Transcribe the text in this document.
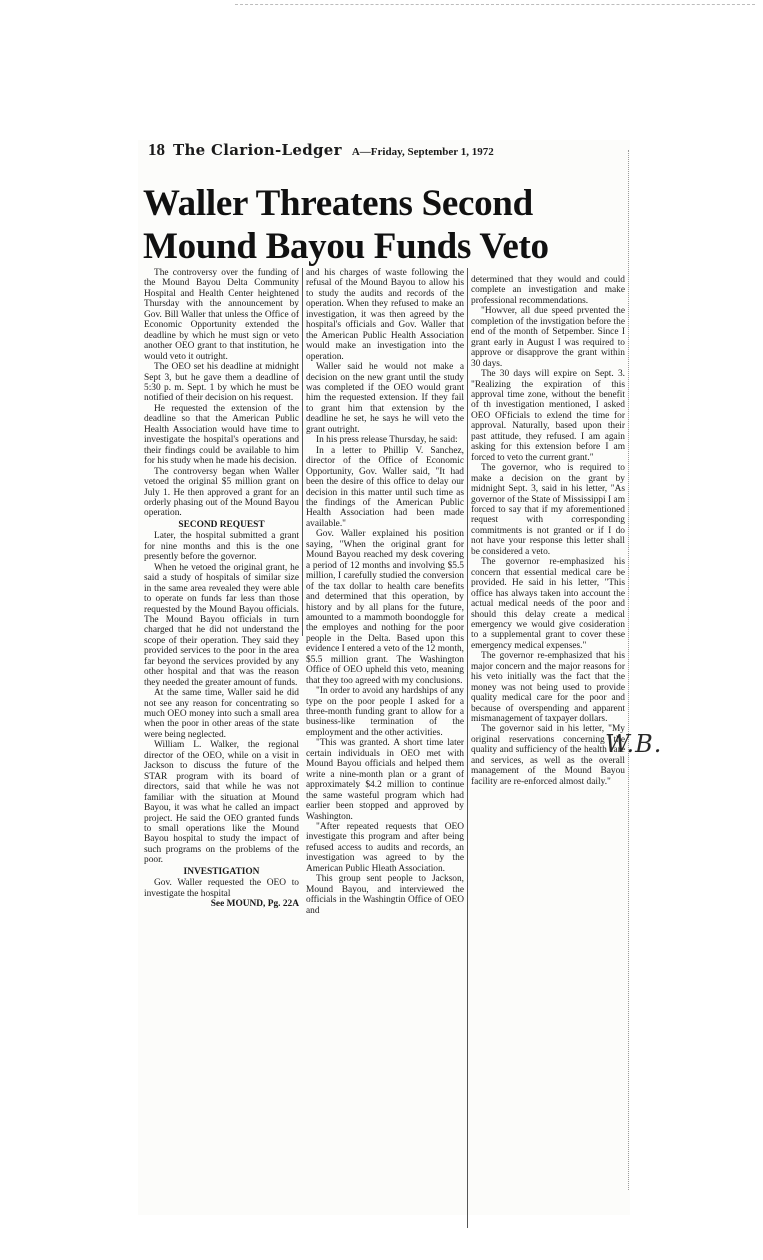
18 The Clarion-Ledger A—Friday, September 1, 1972
Waller Threatens Second Mound Bayou Funds Veto

The controversy over the funding of the Mound Bayou Delta Community Hospital and Health Center heightened Thursday with the announcement by Gov. Bill Waller that unless the Office of Economic Opportunity extended the deadline by which he must sign or veto another OEO grant to that institution, he would veto it outright.

The OEO set his deadline at midnight Sept 3, but he gave them a deadline of 5:30 p. m. Sept. 1 by which he must be notified of their decision on his request.

He requested the extension of the deadline so that the American Public Health Association would have time to investigate the hospital's operations and their findings could be available to him for his study when he made his decision.

The controversy began when Waller vetoed the original $5 million grant on July 1. He then approved a grant for an orderly phasing out of the Mound Bayou operation.

SECOND REQUEST

Later, the hospital submitted a grant for nine months and this is the one presently before the governor.

When he vetoed the original grant, he said a study of hospitals of similar size in the same area revealed they were able to operate on funds far less than those requested by the Mound Bayou officials. The Mound Bayou officials in turn charged that he did not understand the scope of their operation. They said they provided services to the poor in the area far beyond the services provided by any other hospital and that was the reason they needed the greater amount of funds.

At the same time, Waller said he did not see any reason for concentrating so much OEO money into such a small area when the poor in other areas of the state were being neglected.

William L. Walker, the regional director of the OEO, while on a visit in Jackson to discuss the future of the STAR program with its board of directors, said that while he was not familiar with the situation at Mound Bayou, it was what he called an impact project. He said the OEO granted funds to small operations like the Mound Bayou hospital to study the impact of such programs on the problems of the poor.

INVESTIGATION

Gov. Waller requested the OEO to investigate the hospital

See MOUND, Pg. 22A

and his charges of waste following the refusal of the Mound Bayou to allow his to study the audits and records of the operation. When they refused to make an investigation, it was then agreed by the hospital's officials and Gov. Waller that the American Public Health Association would make an investigation into the operation.

Waller said he would not make a decision on the new grant until the study was completed if the OEO would grant him the requested extension. If they fail to grant him that extension by the deadline he set, he says he will veto the grant outright.

In his press release Thursday, he said:

In a letter to Phillip V. Sanchez, director of the Office of Economic Opportunity, Gov. Waller said, "It had been the desire of this office to delay our decision in this matter until such time as the findings of the American Public Health Association had been made available."

Gov. Waller explained his position saying, "When the original grant for Mound Bayou reached my desk covering a period of 12 months and involving $5.5 million, I carefully studied the conversion of the tax dollar to health care benefits and determined that this operation, by history and by all plans for the future, amounted to a mammoth boondoggle for the employes and nothing for the poor people in the Delta. Based upon this evidence I entered a veto of the 12 month, $5.5 million grant. The Washington Office of OEO upheld this veto, meaning that they too agreed with my conclusions.

"In order to avoid any hardships of any type on the poor people I asked for a three-month funding grant to allow for a business-like termination of the employment and the other activities.

"This was granted. A short time later certain individuals in OEO met with Mound Bayou officials and helped them write a nine-month plan or a grant of approximately $4.2 million to continue the same wasteful program which had earlier been stopped and approved by Washington.

"After repeated requests that OEO investigate this program and after being refused access to audits and records, an investigation was agreed to by the American Public Hleath Association.

This group sent people to Jackson, Mound Bayou, and interviewed the officials in the Washingtin Office of OEO and

determined that they would and could complete an investigation and make professional recommendations.

"Howver, all due speed prvented the completion of the invstigation before the end of the month of Setpember. Since I grant early in August I was required to approve or disapprove the grant within 30 days.

The 30 days will expire on Sept. 3. "Realizing the expiration of this approval time zone, without the benefit of th investigation mentioned, I asked OEO OFficials to exlend the time for approval. Naturally, based upon their past attitude, they refused. I am again asking for this extension before I am forced to veto the current grant."

The governor, who is required to make a decision on the grant by midnight Sept. 3, said in his letter, "As governor of the State of Mississippi I am forced to say that if my aforementioned request with corresponding commitments is not granted or if I do not have your response this letter shall be considered a veto.

The governor re-emphasized his concern that essential medical care be provided. He said in his letter, "This office has always taken into account the actual medical needs of the poor and should this delay create a medical emergency we would give cosideration to a supplemental grant to cover these emergency medical expenses."

The governor re-emphasized that his major concern and the major reasons for his veto initially was the fact that the money was not being used to provide quality medical care for the poor and because of overspending and apparent mismanagement of taxpayer dollars.

The governor said in his letter, "My original reservations concerning the quality and sufficiency of the health care and services, as well as the overall management of the Mound Bayou facility are re-enforced almost daily."

W.B.
